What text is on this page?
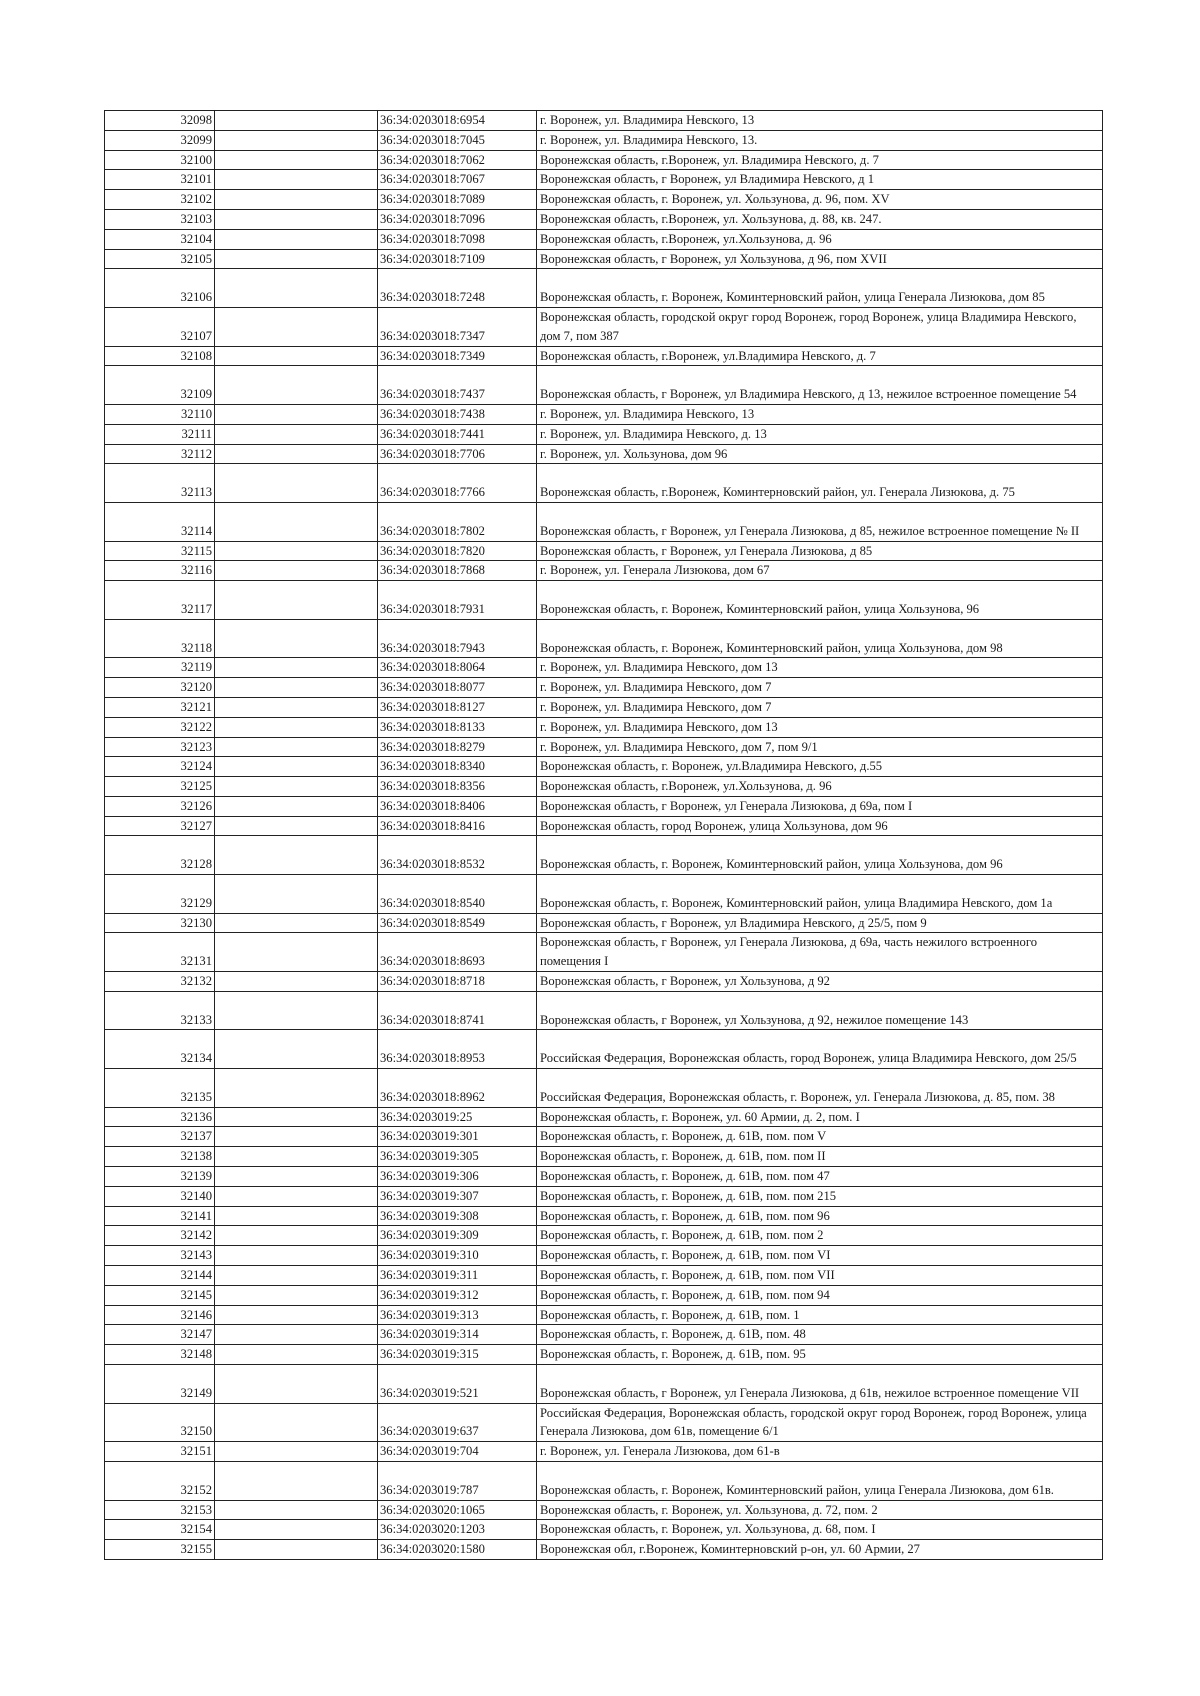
32098		36:34:0203018:6954	г. Воронеж, ул. Владимира Невского, 13
32099		36:34:0203018:7045	г. Воронеж, ул. Владимира Невского, 13.
32100		36:34:0203018:7062	Воронежская область, г.Воронеж, ул. Владимира Невского, д. 7
32101		36:34:0203018:7067	Воронежская область, г Воронеж, ул Владимира Невского, д 1
32102		36:34:0203018:7089	Воронежская область, г. Воронеж, ул. Хользунова, д. 96, пом. XV
32103		36:34:0203018:7096	Воронежская область, г.Воронеж, ул. Хользунова, д. 88, кв. 247.
32104		36:34:0203018:7098	Воронежская область, г.Воронеж, ул.Хользунова, д. 96
32105		36:34:0203018:7109	Воронежская область, г Воронеж, ул Хользунова, д 96, пом XVII
32106		36:34:0203018:7248	Воронежская область, г. Воронеж, Коминтерновский район, улица Генерала Лизюкова, дом 85
32107		36:34:0203018:7347	Воронежская область, городской округ город Воронеж, город Воронеж, улица Владимира Невского, дом 7, пом 387
32108		36:34:0203018:7349	Воронежская область, г.Воронеж, ул.Владимира Невского, д. 7
32109		36:34:0203018:7437	Воронежская область, г Воронеж, ул Владимира Невского, д 13, нежилое встроенное помещение 54
32110		36:34:0203018:7438	г. Воронеж, ул. Владимира Невского, 13
32111		36:34:0203018:7441	г. Воронеж, ул. Владимира Невского, д. 13
32112		36:34:0203018:7706	г. Воронеж, ул. Хользунова, дом 96
32113		36:34:0203018:7766	Воронежская область, г.Воронеж, Коминтерновский район, ул. Генерала Лизюкова, д. 75
32114		36:34:0203018:7802	Воронежская область, г Воронеж, ул Генерала Лизюкова, д 85, нежилое встроенное помещение № II
32115		36:34:0203018:7820	Воронежская область, г Воронеж, ул Генерала Лизюкова, д 85
32116		36:34:0203018:7868	г. Воронеж, ул. Генерала Лизюкова, дом 67
32117		36:34:0203018:7931	Воронежская область, г. Воронеж, Коминтерновский район, улица Хользунова, 96
32118		36:34:0203018:7943	Воронежская область, г. Воронеж, Коминтерновский район, улица Хользунова, дом 98
32119		36:34:0203018:8064	г. Воронеж, ул. Владимира Невского, дом 13
32120		36:34:0203018:8077	г. Воронеж, ул. Владимира Невского, дом 7
32121		36:34:0203018:8127	г. Воронеж, ул. Владимира Невского, дом 7
32122		36:34:0203018:8133	г. Воронеж, ул. Владимира Невского, дом 13
32123		36:34:0203018:8279	г. Воронеж, ул. Владимира Невского, дом 7, пом 9/1
32124		36:34:0203018:8340	Воронежская область, г. Воронеж, ул.Владимира Невского, д.55
32125		36:34:0203018:8356	Воронежская область, г.Воронеж, ул.Хользунова, д. 96
32126		36:34:0203018:8406	Воронежская область, г Воронеж, ул Генерала Лизюкова, д 69а, пом I
32127		36:34:0203018:8416	Воронежская область, город Воронеж, улица Хользунова, дом 96
32128		36:34:0203018:8532	Воронежская область, г. Воронеж, Коминтерновский район, улица Хользунова, дом 96
32129		36:34:0203018:8540	Воронежская область, г. Воронеж, Коминтерновский район, улица Владимира Невского, дом 1а
32130		36:34:0203018:8549	Воронежская область, г Воронеж, ул Владимира Невского, д 25/5, пом 9
32131		36:34:0203018:8693	Воронежская область, г Воронеж, ул Генерала Лизюкова, д 69а, часть нежилого встроенного помещения I
32132		36:34:0203018:8718	Воронежская область, г Воронеж, ул Хользунова, д 92
32133		36:34:0203018:8741	Воронежская область, г Воронеж, ул Хользунова, д 92, нежилое помещение 143
32134		36:34:0203018:8953	Российская Федерация, Воронежская область, город Воронеж, улица Владимира Невского, дом 25/5
32135		36:34:0203018:8962	Российская Федерация, Воронежская область, г. Воронеж, ул. Генерала Лизюкова, д. 85, пом. 38
32136		36:34:0203019:25	Воронежская область, г. Воронеж, ул. 60 Армии, д. 2, пом. I
32137		36:34:0203019:301	Воронежская область, г. Воронеж, д. 61В, пом. пом V
32138		36:34:0203019:305	Воронежская область, г. Воронеж, д. 61В, пом. пом II
32139		36:34:0203019:306	Воронежская область, г. Воронеж, д. 61В, пом. пом 47
32140		36:34:0203019:307	Воронежская область, г. Воронеж, д. 61В, пом. пом 215
32141		36:34:0203019:308	Воронежская область, г. Воронеж, д. 61В, пом. пом 96
32142		36:34:0203019:309	Воронежская область, г. Воронеж, д. 61В, пом. пом 2
32143		36:34:0203019:310	Воронежская область, г. Воронеж, д. 61В, пом. пом VI
32144		36:34:0203019:311	Воронежская область, г. Воронеж, д. 61В, пом. пом VII
32145		36:34:0203019:312	Воронежская область, г. Воронеж, д. 61В, пом. пом 94
32146		36:34:0203019:313	Воронежская область, г. Воронеж, д. 61В, пом. 1
32147		36:34:0203019:314	Воронежская область, г. Воронеж, д. 61В, пом. 48
32148		36:34:0203019:315	Воронежская область, г. Воронеж, д. 61В, пом. 95
32149		36:34:0203019:521	Воронежская область, г Воронеж, ул Генерала Лизюкова, д 61в, нежилое встроенное помещение VII
32150		36:34:0203019:637	Российская Федерация, Воронежская область, городской округ город Воронеж, город Воронеж, улица Генерала Лизюкова, дом 61в, помещение 6/1
32151		36:34:0203019:704	г. Воронеж, ул. Генерала Лизюкова, дом 61-в
32152		36:34:0203019:787	Воронежская область, г. Воронеж, Коминтерновский район, улица Генерала Лизюкова, дом 61в.
32153		36:34:0203020:1065	Воронежская область, г. Воронеж, ул. Хользунова, д. 72, пом. 2
32154		36:34:0203020:1203	Воронежская область, г. Воронеж, ул. Хользунова, д. 68, пом. I
32155		36:34:0203020:1580	Воронежская обл, г.Воронеж, Коминтерновский р-он, ул. 60 Армии, 27
